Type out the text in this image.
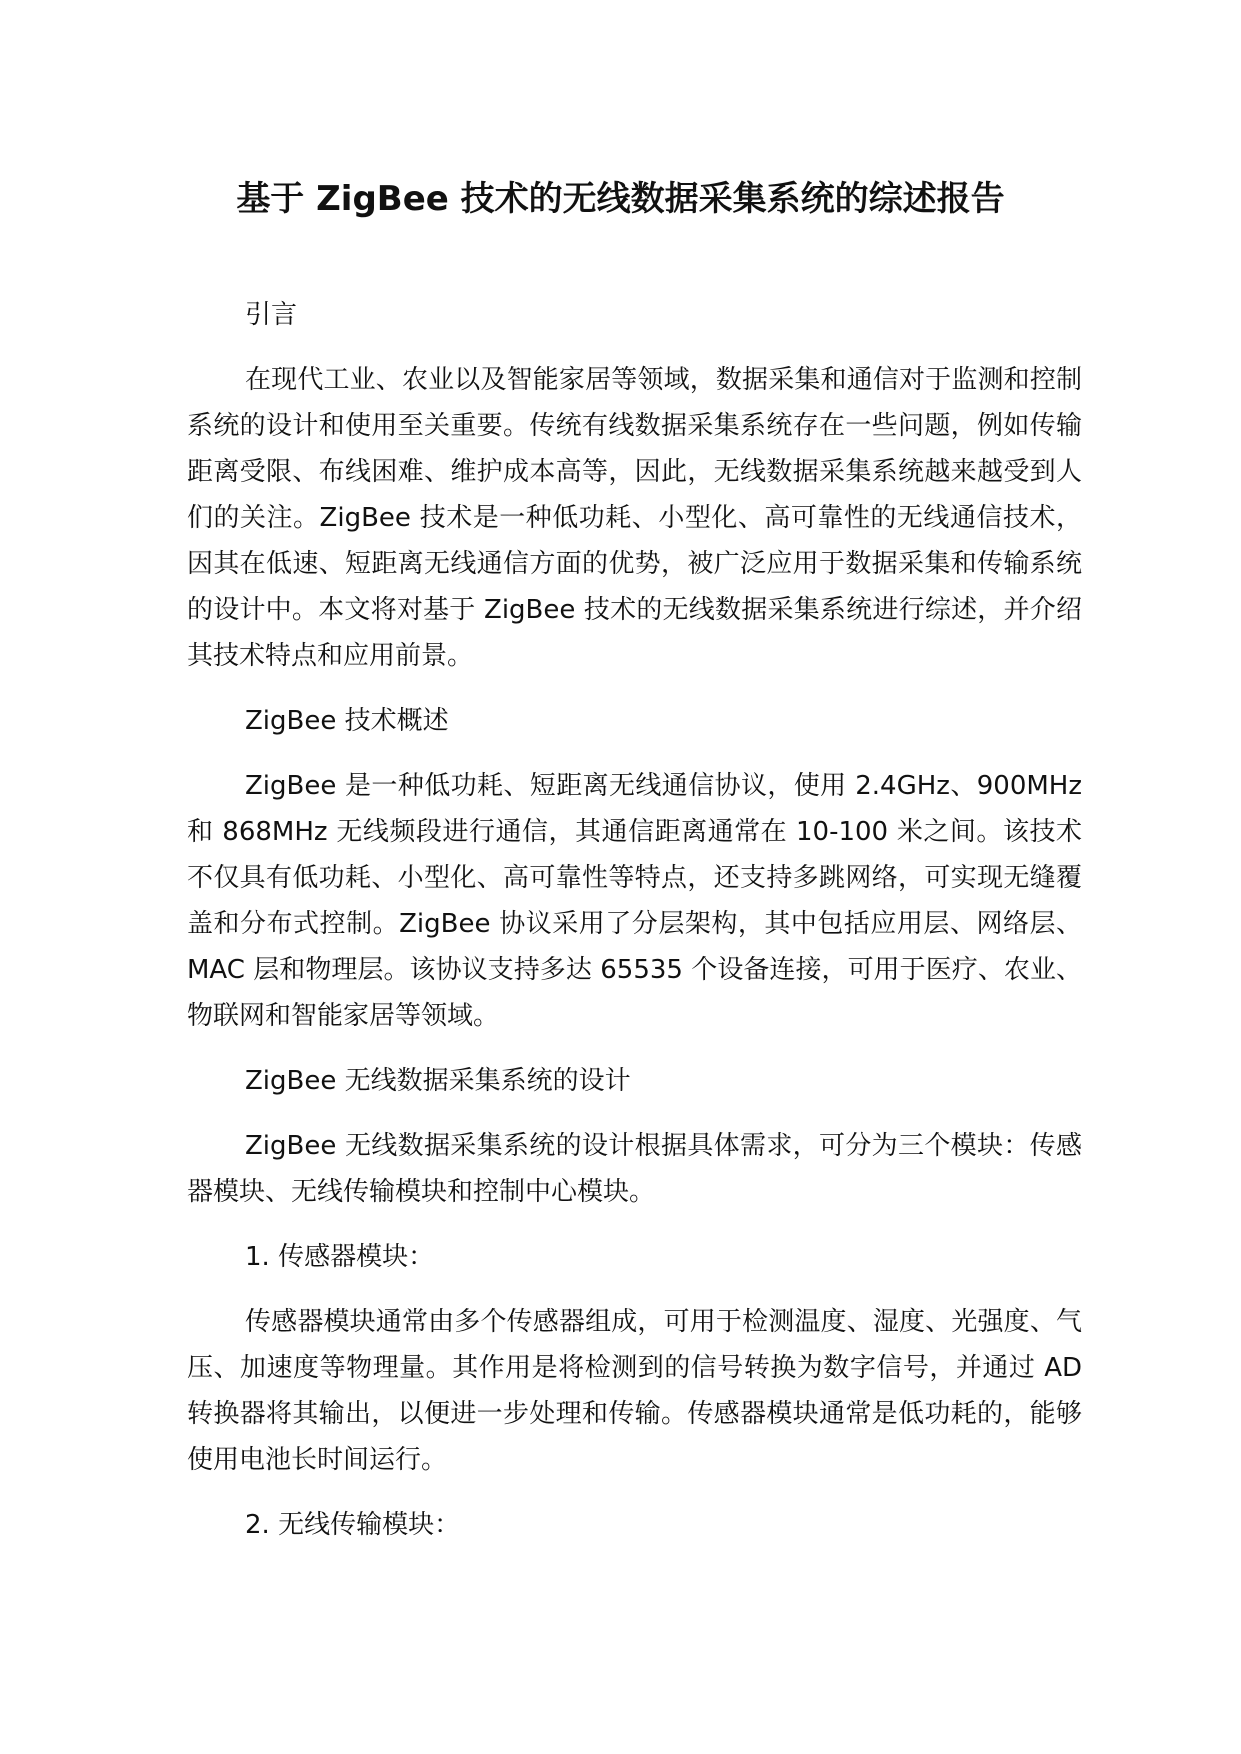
基于 ZigBee 技术的无线数据采集系统的综述报告

引言

在现代工业、农业以及智能家居等领域，数据采集和通信对于监测和控制系统的设计和使用至关重要。传统有线数据采集系统存在一些问题，例如传输距离受限、布线困难、维护成本高等，因此，无线数据采集系统越来越受到人们的关注。ZigBee 技术是一种低功耗、小型化、高可靠性的无线通信技术，因其在低速、短距离无线通信方面的优势，被广泛应用于数据采集和传输系统的设计中。本文将对基于 ZigBee 技术的无线数据采集系统进行综述，并介绍其技术特点和应用前景。

ZigBee 技术概述

ZigBee 是一种低功耗、短距离无线通信协议，使用 2.4GHz、900MHz 和 868MHz 无线频段进行通信，其通信距离通常在 10-100 米之间。该技术不仅具有低功耗、小型化、高可靠性等特点，还支持多跳网络，可实现无缝覆盖和分布式控制。ZigBee 协议采用了分层架构，其中包括应用层、网络层、MAC 层和物理层。该协议支持多达 65535 个设备连接，可用于医疗、农业、物联网和智能家居等领域。

ZigBee 无线数据采集系统的设计

ZigBee 无线数据采集系统的设计根据具体需求，可分为三个模块：传感器模块、无线传输模块和控制中心模块。

1. 传感器模块：

传感器模块通常由多个传感器组成，可用于检测温度、湿度、光强度、气压、加速度等物理量。其作用是将检测到的信号转换为数字信号，并通过 AD 转换器将其输出，以便进一步处理和传输。传感器模块通常是低功耗的，能够使用电池长时间运行。

2. 无线传输模块：
